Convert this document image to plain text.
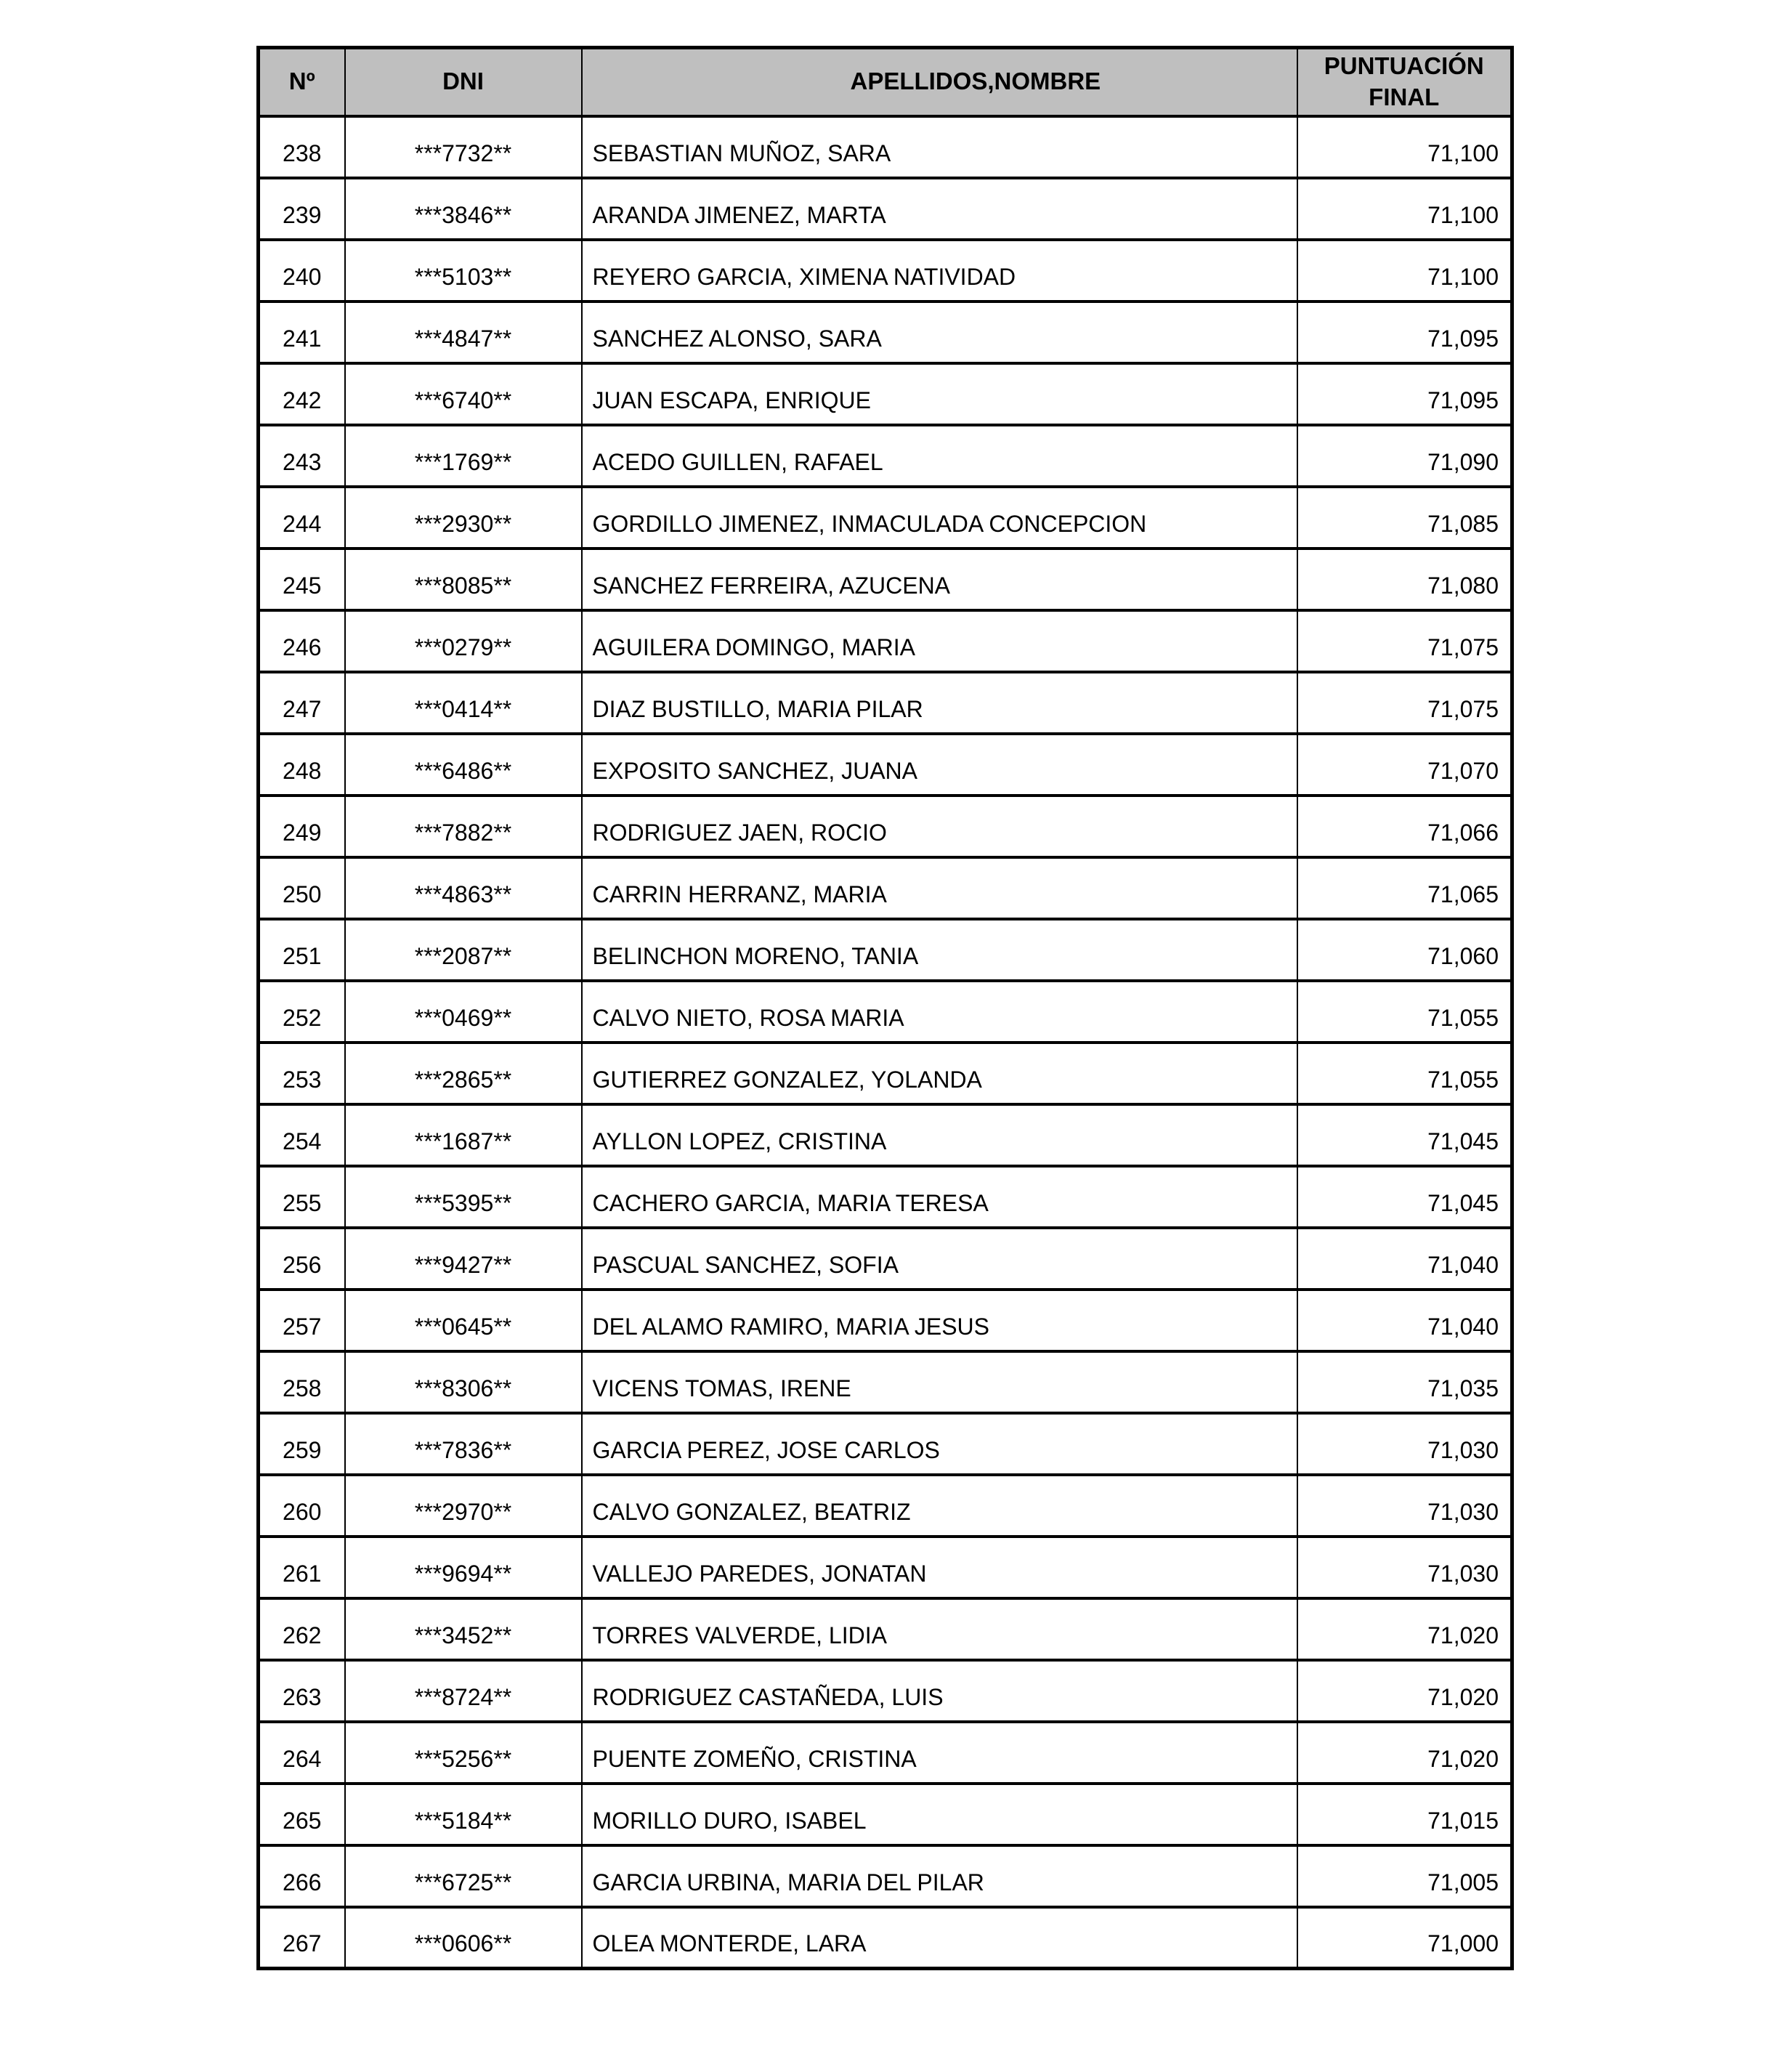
Nº	DNI	APELLIDOS,NOMBRE	PUNTUACIÓN FINAL
238	***7732**	SEBASTIAN MUÑOZ, SARA	71,100
239	***3846**	ARANDA JIMENEZ, MARTA	71,100
240	***5103**	REYERO GARCIA, XIMENA NATIVIDAD	71,100
241	***4847**	SANCHEZ ALONSO, SARA	71,095
242	***6740**	JUAN ESCAPA, ENRIQUE	71,095
243	***1769**	ACEDO GUILLEN, RAFAEL	71,090
244	***2930**	GORDILLO JIMENEZ, INMACULADA CONCEPCION	71,085
245	***8085**	SANCHEZ FERREIRA, AZUCENA	71,080
246	***0279**	AGUILERA DOMINGO, MARIA	71,075
247	***0414**	DIAZ BUSTILLO, MARIA PILAR	71,075
248	***6486**	EXPOSITO SANCHEZ, JUANA	71,070
249	***7882**	RODRIGUEZ JAEN, ROCIO	71,066
250	***4863**	CARRIN HERRANZ, MARIA	71,065
251	***2087**	BELINCHON MORENO, TANIA	71,060
252	***0469**	CALVO NIETO, ROSA MARIA	71,055
253	***2865**	GUTIERREZ GONZALEZ, YOLANDA	71,055
254	***1687**	AYLLON LOPEZ, CRISTINA	71,045
255	***5395**	CACHERO GARCIA, MARIA TERESA	71,045
256	***9427**	PASCUAL SANCHEZ, SOFIA	71,040
257	***0645**	DEL ALAMO RAMIRO, MARIA JESUS	71,040
258	***8306**	VICENS TOMAS, IRENE	71,035
259	***7836**	GARCIA PEREZ, JOSE CARLOS	71,030
260	***2970**	CALVO GONZALEZ, BEATRIZ	71,030
261	***9694**	VALLEJO PAREDES, JONATAN	71,030
262	***3452**	TORRES VALVERDE, LIDIA	71,020
263	***8724**	RODRIGUEZ CASTAÑEDA, LUIS	71,020
264	***5256**	PUENTE ZOMEÑO, CRISTINA	71,020
265	***5184**	MORILLO DURO, ISABEL	71,015
266	***6725**	GARCIA URBINA, MARIA DEL PILAR	71,005
267	***0606**	OLEA MONTERDE, LARA	71,000
